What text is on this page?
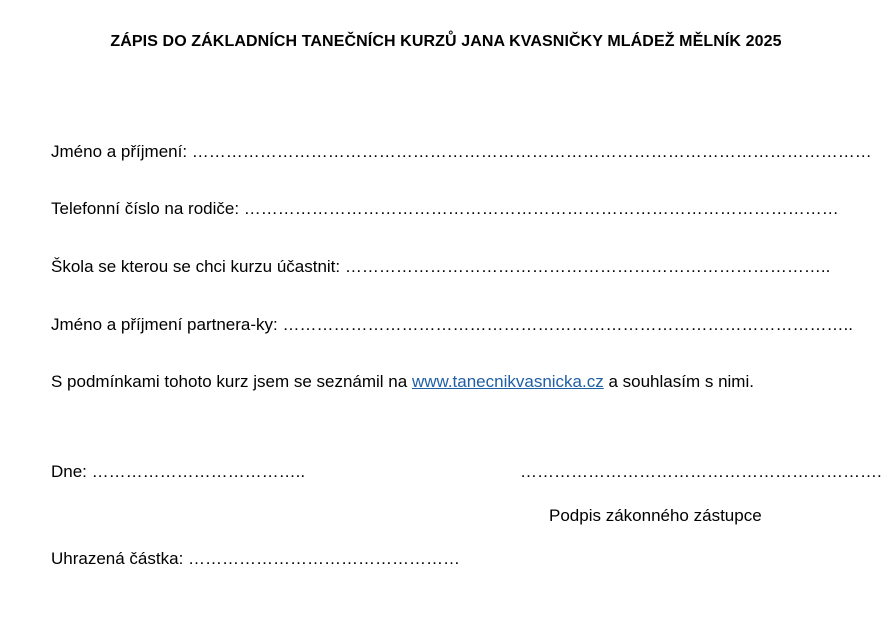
ZÁPIS DO ZÁKLADNÍCH TANEČNÍCH KURZŮ JANA KVASNIČKY MLÁDEŽ MĚLNÍK 2025
Jméno a příjmení: …………………………………………………………………………………………………………
Telefonní číslo na rodiče: ……………………………………………………………………………………………
Škola se kterou se chci kurzu účastnit: …………………………………………………………………………..
Jméno a příjmení partnera-ky: ………………………………………………………………………………………..
S podmínkami tohoto kurz jsem se seznámil na www.tanecnikvasnicka.cz a souhlasím s nimi.
Dne: ………………………………..	……………………………………………………….
Podpis zákonného zástupce
Uhrazená částka: …………………………………………
